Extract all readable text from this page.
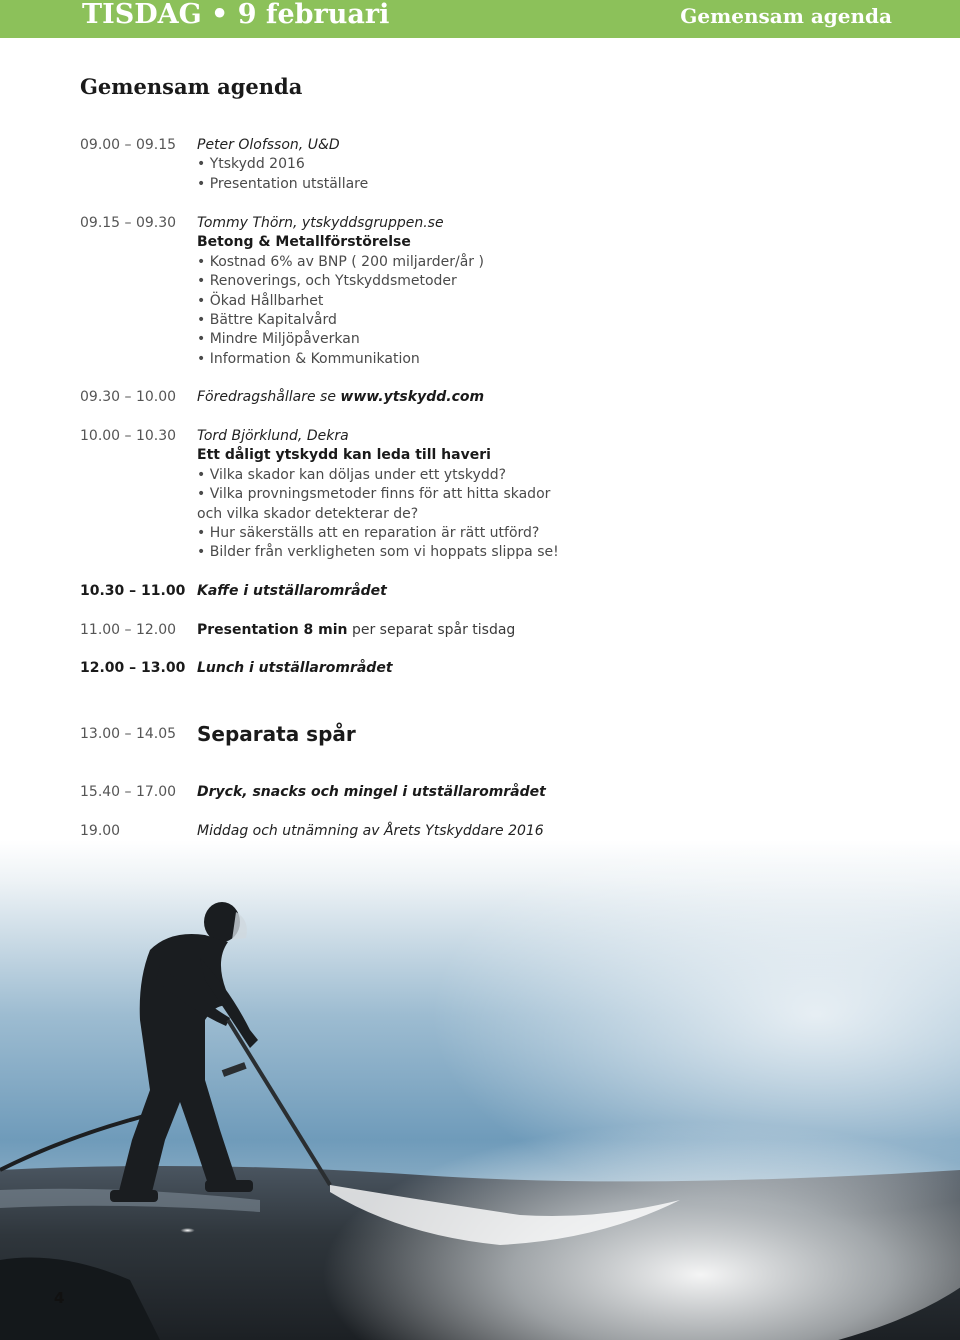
TISDAG • 9 februari	Gemensam agenda
Gemensam agenda
09.00 – 09.15	Peter Olofsson, U&D
• Ytskydd 2016
• Presentation utställare
09.15 – 09.30	Tommy Thörn, ytskyddsgruppen.se
Betong & Metallförstörelse
• Kostnad 6% av BNP ( 200 miljarder/år )
• Renoverings, och Ytskyddsmetoder
• Ökad Hållbarhet
• Bättre Kapitalvård
• Mindre Miljöpåverkan
• Information & Kommunikation
09.30 – 10.00	Föredragshållare se www.ytskydd.com
10.00 – 10.30	Tord Björklund, Dekra
Ett dåligt ytskydd kan leda till haveri
• Vilka skador kan döljas under ett ytskydd?
• Vilka provningsmetoder finns för att hitta skador
och vilka skador detekterar de?
• Hur säkerställs att en reparation är rätt utförd?
• Bilder från verkligheten som vi hoppats slippa se!
10.30 – 11.00 Kaffe i utställarområdet
11.00 – 12.00	Presentation 8 min per separat spår tisdag
12.00 – 13.00 Lunch i utställarområdet
13.00 – 14.05	Separata spår
15.40 – 17.00	Dryck, snacks och mingel i utställarområdet
19.00	Middag och utnämning av Årets Ytskyddare 2016
4
